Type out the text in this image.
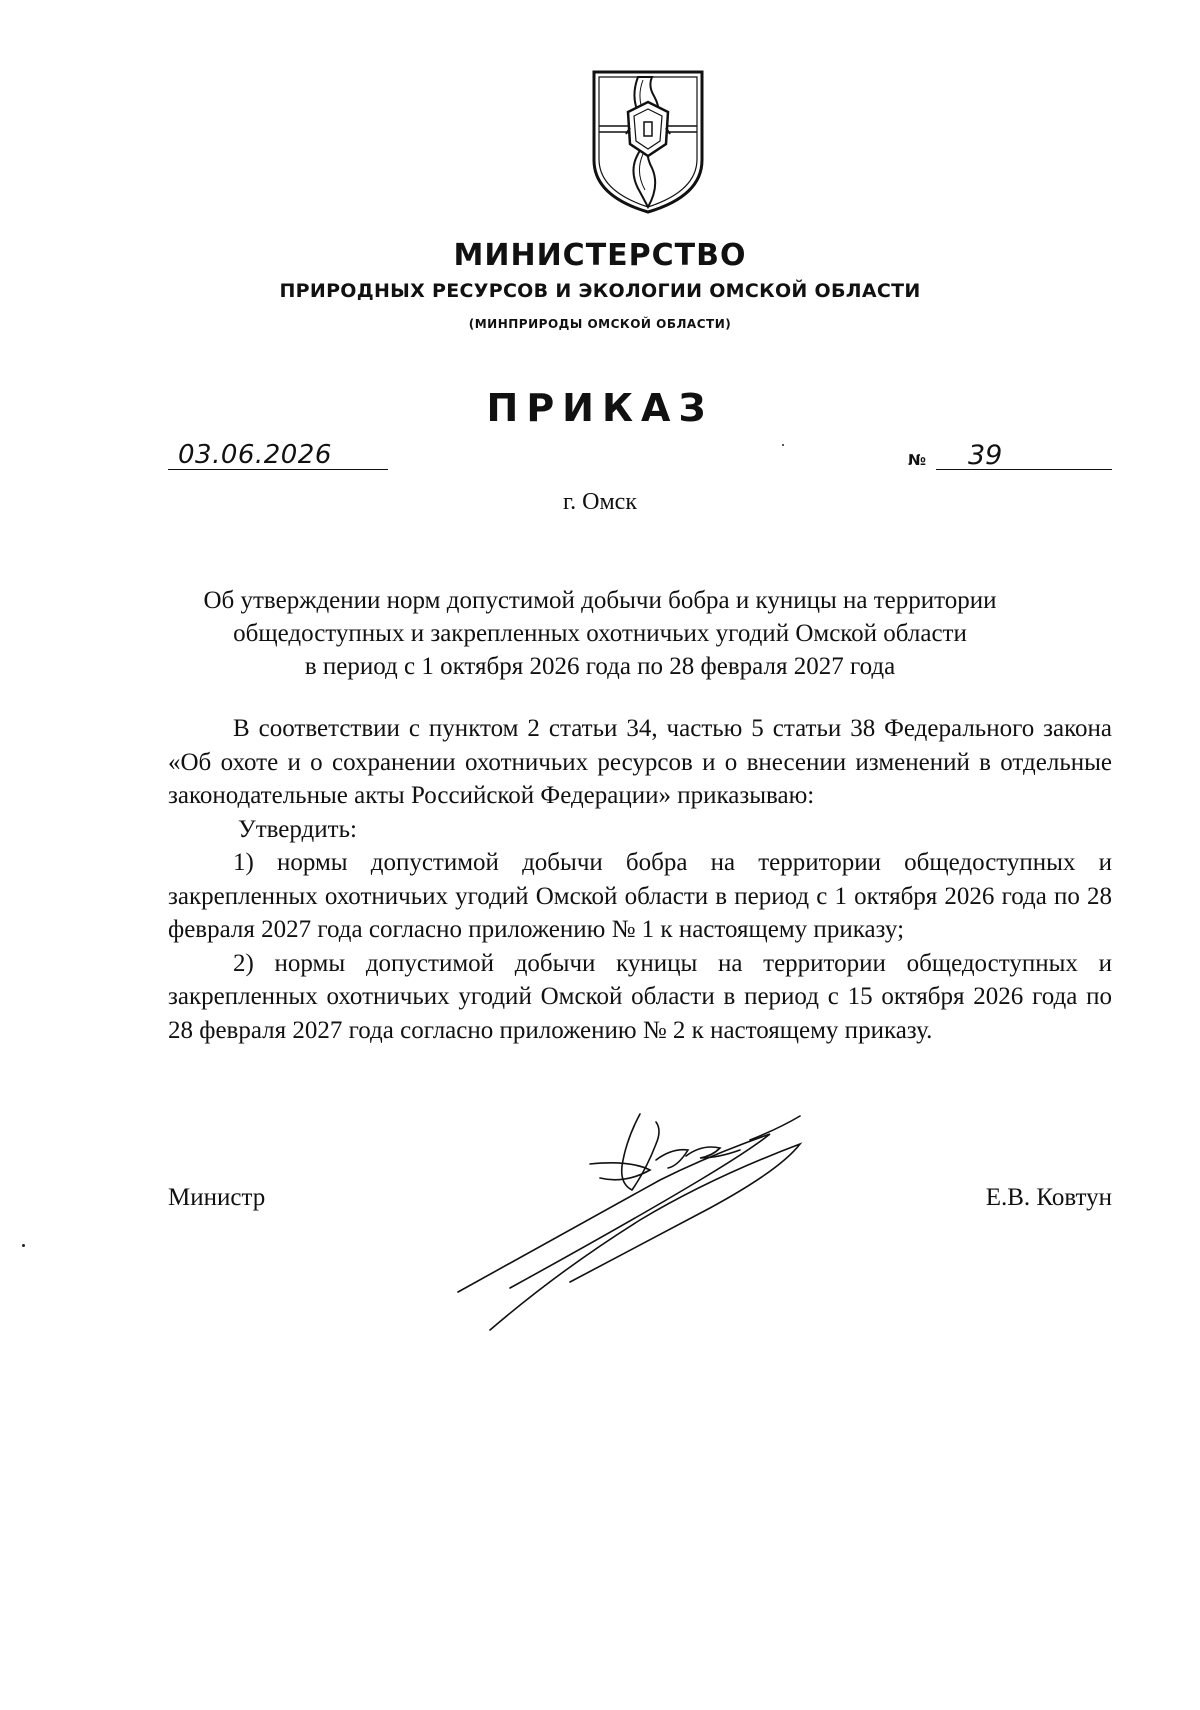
МИНИСТЕРСТВО
ПРИРОДНЫХ РЕСУРСОВ И ЭКОЛОГИИ ОМСКОЙ ОБЛАСТИ
(МИНПРИРОДЫ ОМСКОЙ ОБЛАСТИ)
ПРИКАЗ
03.06.2026	№ 39
г. Омск
Об утверждении норм допустимой добычи бобра и куницы на территории
общедоступных и закрепленных охотничьих угодий Омской области
в период с 1 октября 2026 года по 28 февраля 2027 года

В соответствии с пунктом 2 статьи 34, частью 5 статьи 38 Федерального закона «Об охоте и о сохранении охотничьих ресурсов и о внесении изменений в отдельные законодательные акты Российской Федерации» приказываю:

Утвердить:

1) нормы допустимой добычи бобра на территории общедоступных и закрепленных охотничьих угодий Омской области в период с 1 октября 2026 года по 28 февраля 2027 года согласно приложению № 1 к настоящему приказу;

2) нормы допустимой добычи куницы на территории общедоступных и закрепленных охотничьих угодий Омской области в период с 15 октября 2026 года по 28 февраля 2027 года согласно приложению № 2 к настоящему приказу.

Министр	Е.В. Ковтун
